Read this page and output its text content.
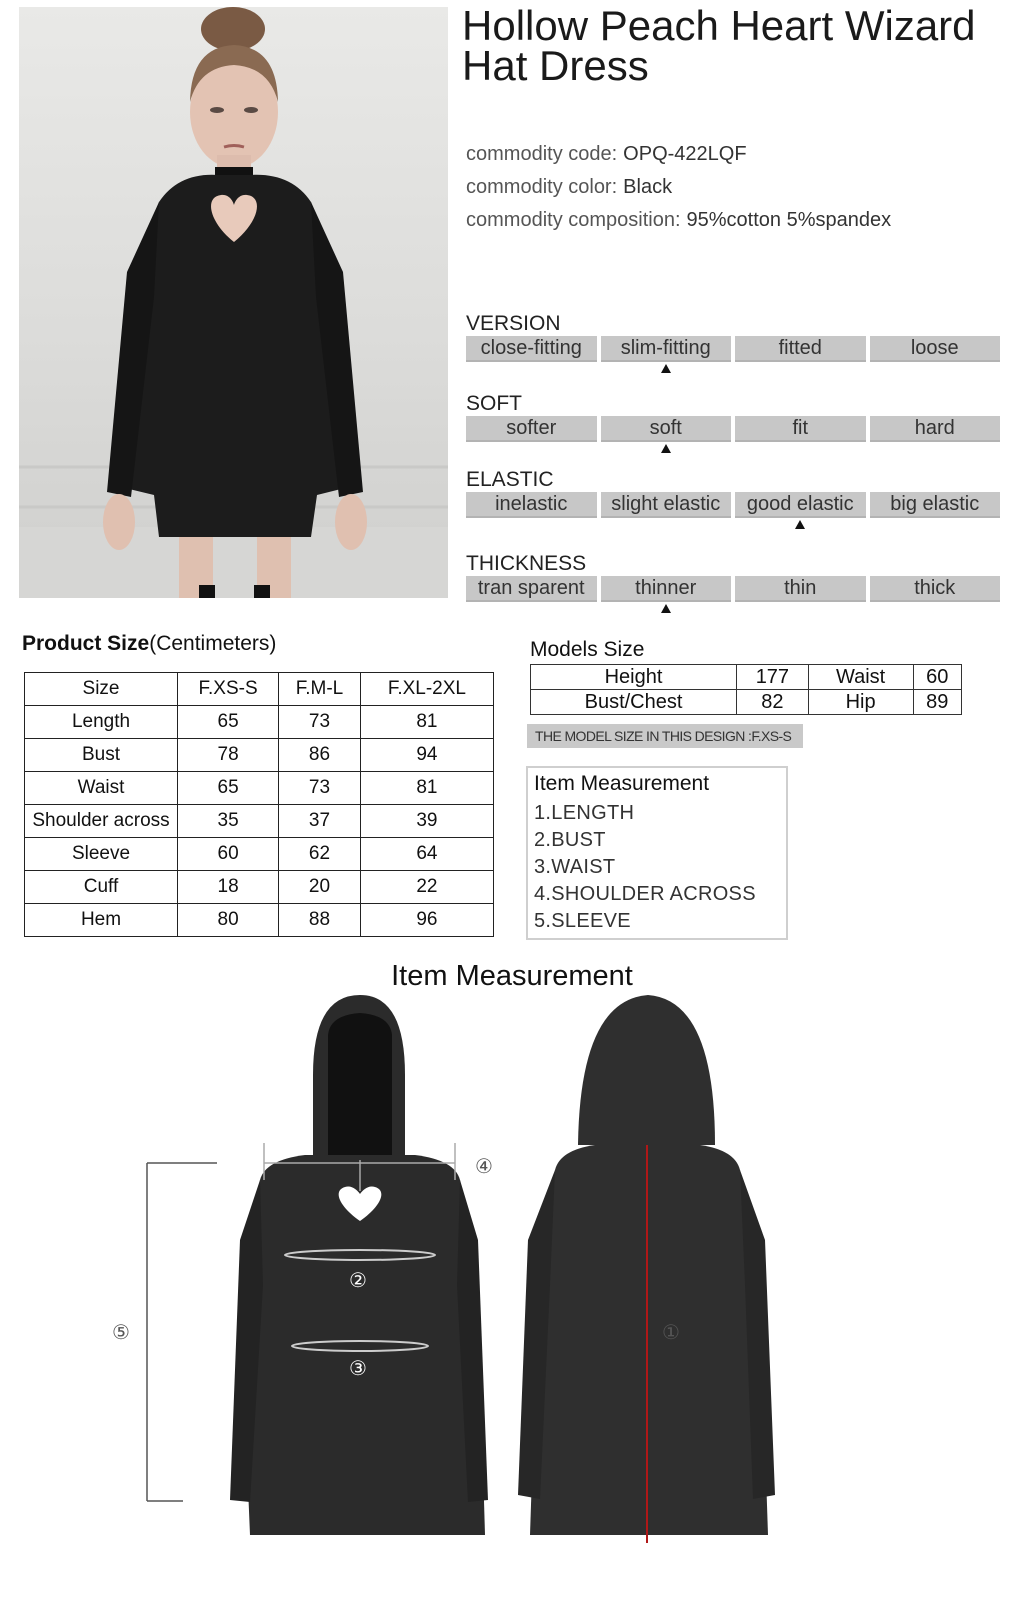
Hollow Peach Heart Wizard Hat Dress
commodity code: OPQ-422LQF
commodity color: Black
commodity composition: 95%cotton 5%spandex
VERSION
close-fitting	slim-fitting	fitted	loose
SOFT
softer	soft	fit	hard
ELASTIC
inelastic	slight elastic	good elastic	big elastic
THICKNESS
tran sparent	thinner	thin	thick
Product Size(Centimeters)
Size	F.XS-S	F.M-L	F.XL-2XL
Length	65	73	81
Bust	78	86	94
Waist	65	73	81
Shoulder across	35	37	39
Sleeve	60	62	64
Cuff	18	20	22
Hem	80	88	96
Models Size
Height	177	Waist	60
Bust/Chest	82	Hip	89
THE MODEL SIZE IN THIS DESIGN :F.XS-S
Item Measurement
1.LENGTH
2.BUST
3.WAIST
4.SHOULDER ACROSS
5.SLEEVE
Item Measurement
①
②
③
④
⑤
